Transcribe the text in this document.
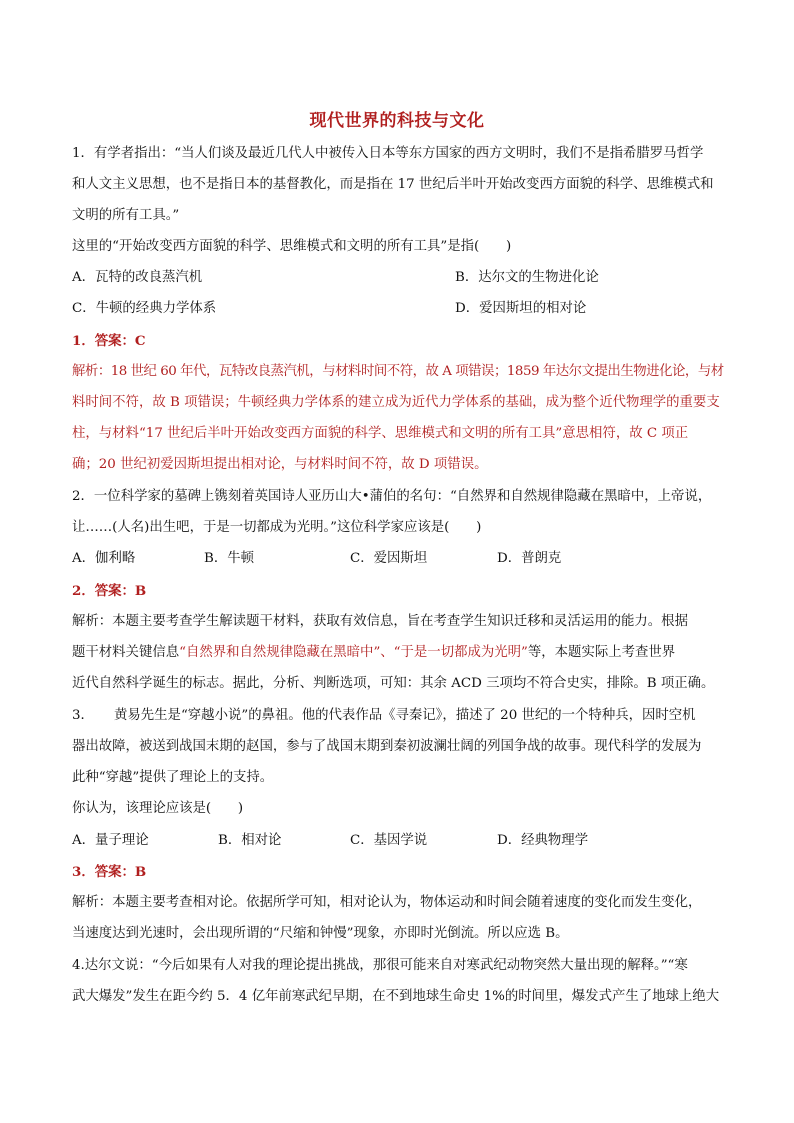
现代世界的科技与文化
1．有学者指出：“当人们谈及最近几代人中被传入日本等东方国家的西方文明时，我们不是指希腊罗马哲学
和人文主义思想，也不是指日本的基督教化，而是指在 17 世纪后半叶开始改变西方面貌的科学、思维模式和
文明的所有工具。”
这里的“开始改变西方面貌的科学、思维模式和文明的所有工具”是指(　　)
A．瓦特的改良蒸汽机	B．达尔文的生物进化论
C．牛顿的经典力学体系	D．爱因斯坦的相对论
1．答案：C
解析：18 世纪 60 年代，瓦特改良蒸汽机，与材料时间不符，故 A 项错误；1859 年达尔文提出生物进化论，与材
料时间不符，故 B 项错误；牛顿经典力学体系的建立成为近代力学体系的基础，成为整个近代物理学的重要支
柱，与材料“17 世纪后半叶开始改变西方面貌的科学、思维模式和文明的所有工具”意思相符，故 C 项正
确；20 世纪初爱因斯坦提出相对论，与材料时间不符，故 D 项错误。
2．一位科学家的墓碑上镌刻着英国诗人亚历山大•蒲伯的名句：“自然界和自然规律隐藏在黑暗中，上帝说，
让……(人名)出生吧，于是一切都成为光明。”这位科学家应该是(　　)
A．伽利略	B．牛顿	C．爱因斯坦	D．普朗克
2．答案：B
解析：本题主要考查学生解读题干材料，获取有效信息，旨在考查学生知识迁移和灵活运用的能力。根据
题干材料关键信息“自然界和自然规律隐藏在黑暗中”、“于是一切都成为光明”等，本题实际上考查世界
近代自然科学诞生的标志。据此，分析、判断选项，可知：其余 ACD 三项均不符合史实，排除。B 项正确。
3．　　黄易先生是“穿越小说”的鼻祖。他的代表作品《寻秦记》，描述了 20 世纪的一个特种兵，因时空机
器出故障，被送到战国末期的赵国，参与了战国末期到秦初波澜壮阔的列国争战的故事。现代科学的发展为
此种“穿越”提供了理论上的支持。
你认为，该理论应该是(　　)
A．量子理论	B．相对论	C．基因学说	D．经典物理学
3．答案：B
解析：本题主要考查相对论。依据所学可知，相对论认为，物体运动和时间会随着速度的变化而发生变化，
当速度达到光速时，会出现所谓的“尺缩和钟慢”现象，亦即时光倒流。所以应选 B。
4.达尔文说：“今后如果有人对我的理论提出挑战，那很可能来自对寒武纪动物突然大量出现的解释。”“寒
武大爆发”发生在距今约 5．4 亿年前寒武纪早期，在不到地球生命史 1%的时间里，爆发式产生了地球上绝大
